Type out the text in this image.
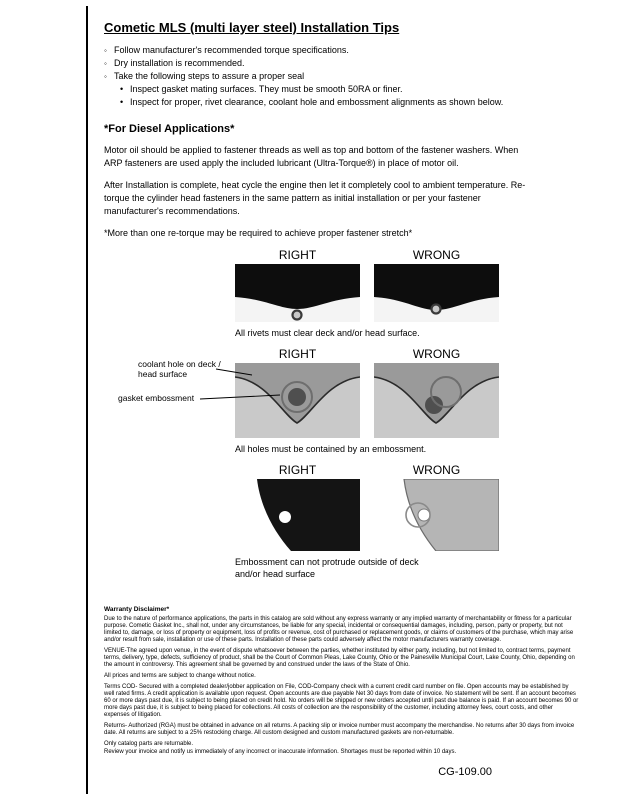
Cometic MLS (multi layer steel) Installation Tips
◦ Follow manufacturer's recommended torque specifications.
◦ Dry installation is recommended.
◦ Take the following steps to assure a proper seal
• Inspect gasket mating surfaces. They must be smooth 50RA or finer.
• Inspect for proper, rivet clearance, coolant hole and embossment alignments as shown below.
*For Diesel Applications*

Motor oil should be applied to fastener threads as well as top and bottom of the fastener washers. When ARP fasteners are used apply the included lubricant (Ultra-Torque®) in place of motor oil.

After Installation is complete, heat cycle the engine then let it completely cool to ambient temperature. Re-torque the cylinder head fasteners in the same pattern as initial installation or per your fastener manufacturer's recommendations.

*More than one re-torque may be required to achieve proper fastener stretch*

RIGHT	WRONG
All rivets must clear deck and/or head surface.
coolant hole on deck / head surface
gasket embossment
RIGHT	WRONG
All holes must be contained by an embossment.
RIGHT	WRONG
Embossment can not protrude outside of deck and/or head surface
Warranty Disclaimer*

Due to the nature of performance applications, the parts in this catalog are sold without any express warranty or any implied warranty of merchantability or fitness for a particular purpose. Cometic Gasket Inc., shall not, under any circumstances, be liable for any special, incidental or consequential damages, including, person, party or property, but not limited to, damage, or loss of property or equipment, loss of profits or revenue, cost of purchased or replacement goods, or claims of customers of the purchase, which may arise and/or result from sale, installation or use of these parts. Installation of these parts could adversely affect the motor manufacturers warranty coverage.

VENUE-The agreed upon venue, in the event of dispute whatsoever between the parties, whether instituted by either party, including, but not limited to, contract terms, payment terms, delivery, type, defects, sufficiency of product, shall be the Court of Common Pleas, Lake County, Ohio or the Painesville Municipal Court, Lake County, Ohio, depending on the amount in controversy. This agreement shall be governed by and construed under the laws of the State of Ohio.

All prices and terms are subject to change without notice.

Terms COD- Secured with a completed dealer/jobber application on File, COD-Company check with a current credit card number on file. Open accounts may be established by well rated firms. A credit application is available upon request. Open accounts are due payable Net 30 days from date of invoice. No statement will be sent. If an account becomes 60 or more days past due, it is subject to being placed on credit hold. No orders will be shipped or new orders accepted until past due balance is paid. If an account becomes 90 or more days past due, it is subject to being placed for collections. All costs of collection are the responsibility of the customer, including attorney fees, court costs, and other expenses of litigation.

Returns- Authorized (RGA) must be obtained in advance on all returns. A packing slip or invoice number must accompany the merchandise. No returns after 30 days from invoice date. All returns are subject to a 25% restocking charge. All custom designed and custom manufactured gaskets are non-returnable.

Only catalog parts are returnable.

Review your invoice and notify us immediately of any incorrect or inaccurate information. Shortages must be reported within 10 days.

CG-109.00
